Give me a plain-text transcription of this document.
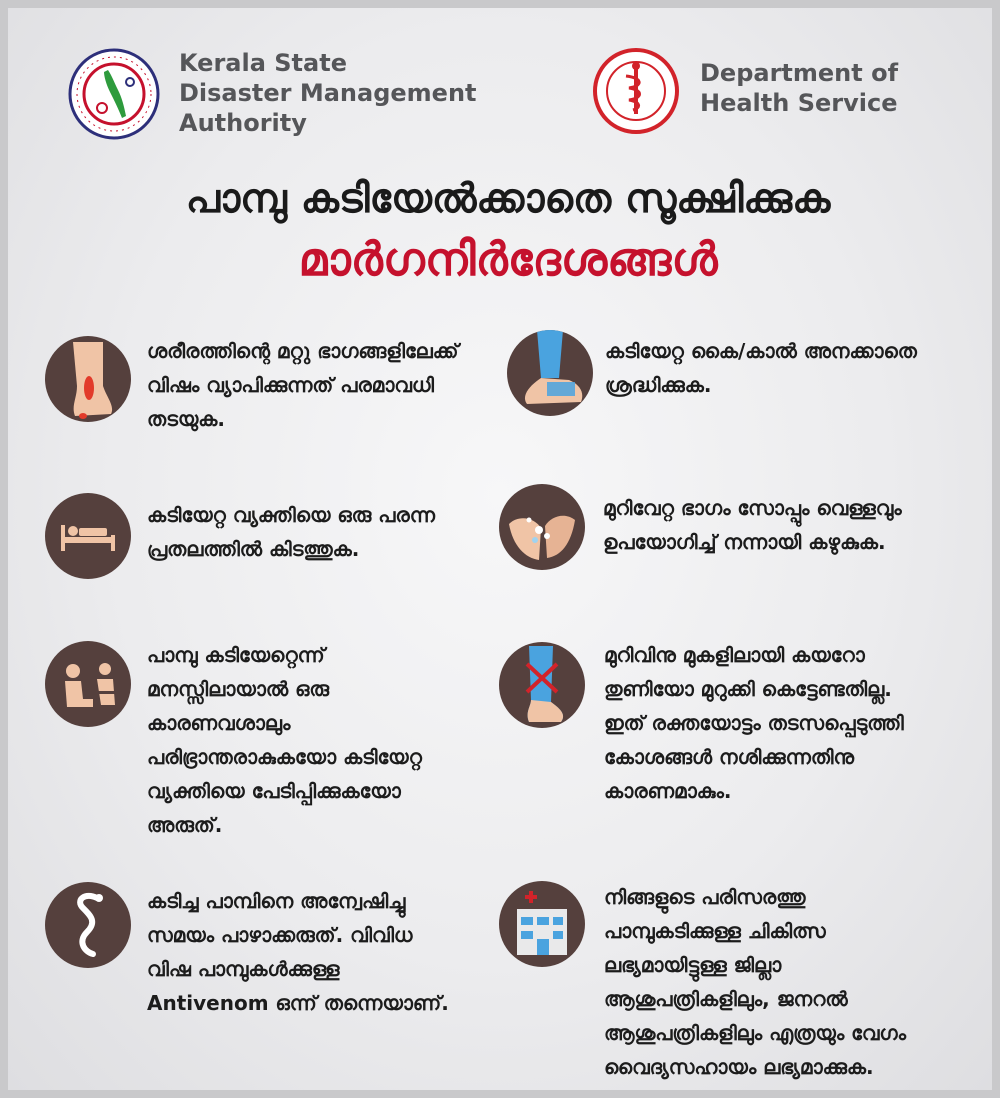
Kerala State
Disaster Management
Authority
Department of
Health Service
പാമ്പു കടിയേൽക്കാതെ സൂക്ഷിക്കുക
മാർഗനിർദേശങ്ങൾ
ശരീരത്തിന്റെ മറ്റു ഭാഗങ്ങളിലേക്ക്
വിഷം വ്യാപിക്കുന്നത് പരമാവധി
തടയുക.
കടിയേറ്റ കൈ/കാൽ അനക്കാതെ
ശ്രദ്ധിക്കുക.
കടിയേറ്റ വ്യക്തിയെ ഒരു പരന്ന
പ്രതലത്തിൽ കിടത്തുക.
മുറിവേറ്റ ഭാഗം സോപ്പും വെള്ളവും
ഉപയോഗിച്ച് നന്നായി കഴുകുക.
പാമ്പു കടിയേറ്റെന്ന്
മനസ്സിലായാൽ ഒരു
കാരണവശാലും
പരിഭ്രാന്തരാകുകയോ കടിയേറ്റ
വ്യക്തിയെ പേടിപ്പിക്കുകയോ
അരുത്.
മുറിവിനു മുകളിലായി കയറോ
തുണിയോ മുറുക്കി കെട്ടേണ്ടതില്ല.
ഇത് രക്തയോട്ടം തടസപ്പെടുത്തി
കോശങ്ങൾ നശിക്കുന്നതിനു
കാരണമാകും.
കടിച്ച പാമ്പിനെ അന്വേഷിച്ചു
സമയം പാഴാക്കരുത്. വിവിധ
വിഷ പാമ്പുകൾക്കുള്ള
Antivenom ഒന്ന് തന്നെയാണ്.
നിങ്ങളുടെ പരിസരത്തു
പാമ്പുകടിക്കുള്ള ചികിത്സ
ലഭ്യമായിട്ടുള്ള ജില്ലാ
ആശുപത്രികളിലും, ജനറൽ
ആശുപത്രികളിലും എത്രയും വേഗം
വൈദ്യസഹായം ലഭ്യമാക്കുക.
